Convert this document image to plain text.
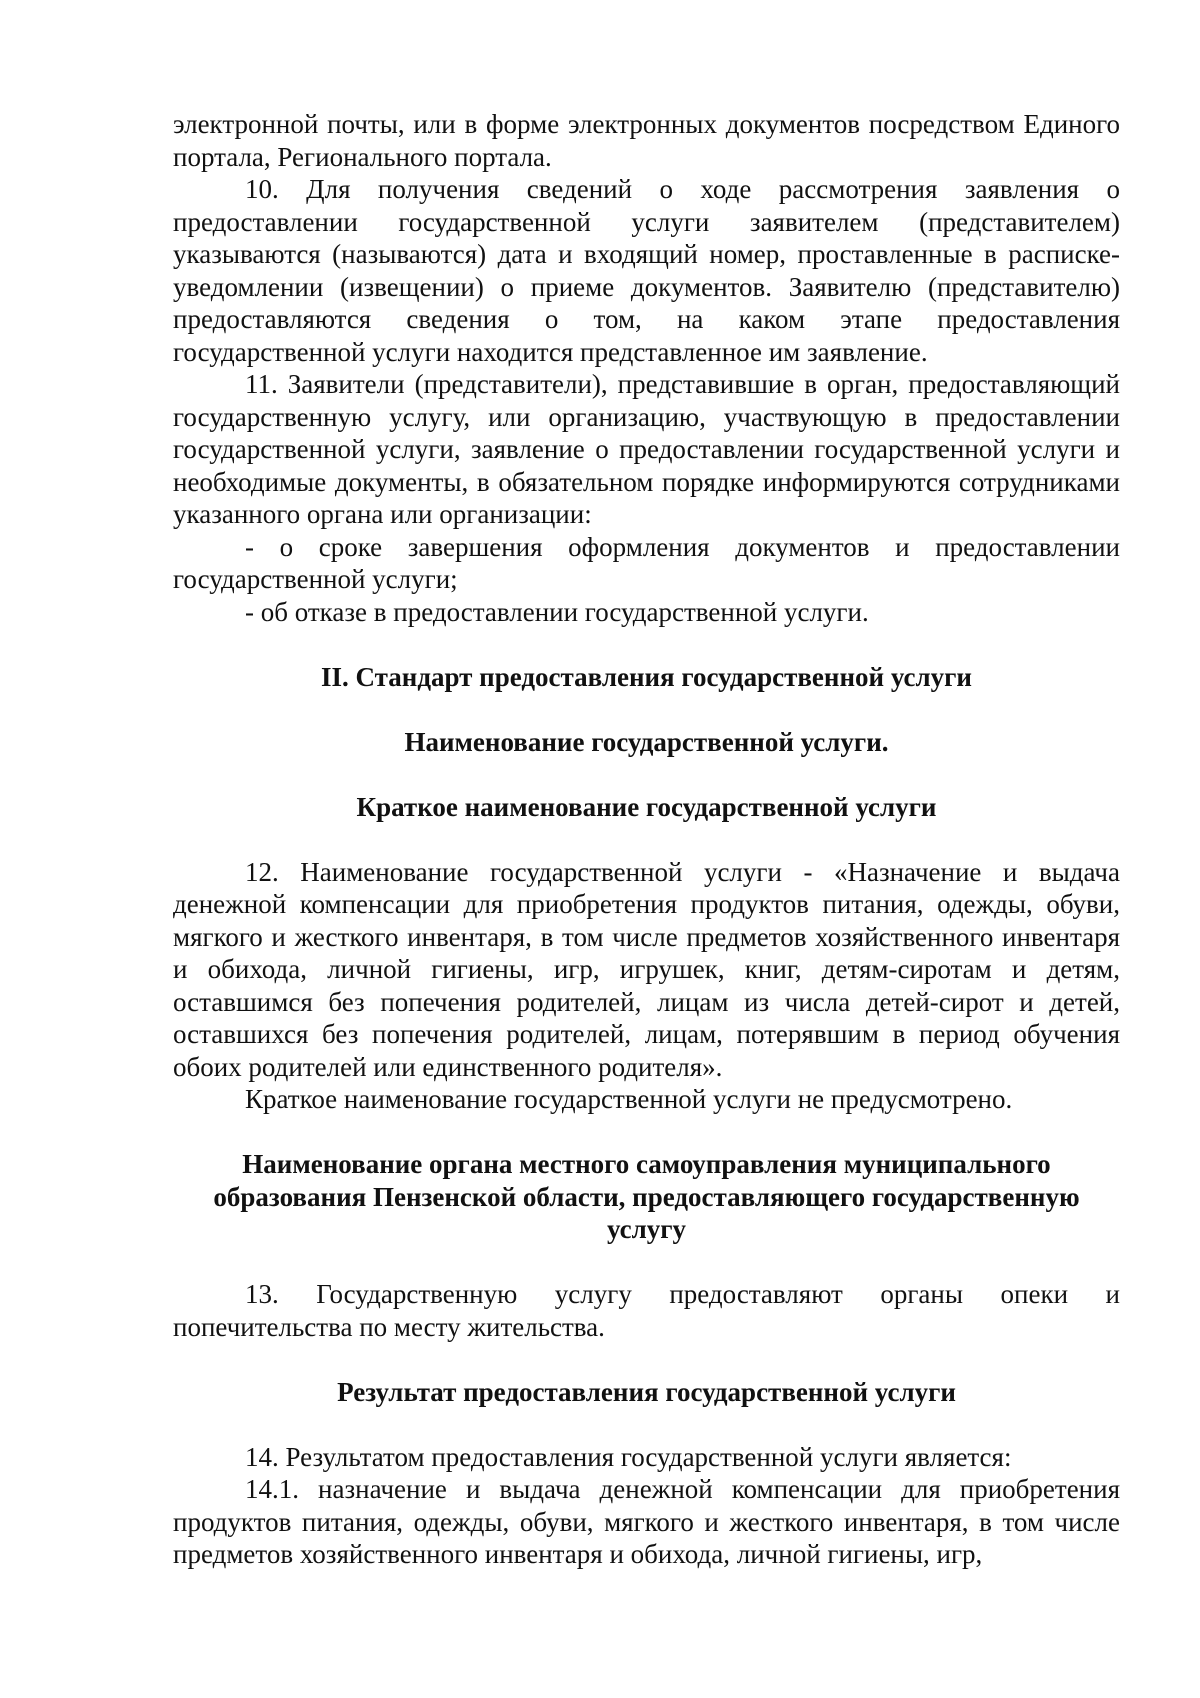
электронной почты, или в форме электронных документов посредством Единого портала, Регионального портала.

10. Для получения сведений о ходе рассмотрения заявления о предоставлении государственной услуги заявителем (представителем) указываются (называются) дата и входящий номер, проставленные в расписке-уведомлении (извещении) о приеме документов. Заявителю (представителю) предоставляются сведения о том, на каком этапе предоставления государственной услуги находится представленное им заявление.

11. Заявители (представители), представившие в орган, предоставляющий государственную услугу, или организацию, участвующую в предоставлении государственной услуги, заявление о предоставлении государственной услуги и необходимые документы, в обязательном порядке информируются сотрудниками указанного органа или организации:

- о сроке завершения оформления документов и предоставлении государственной услуги;

- об отказе в предоставлении государственной услуги.

II. Стандарт предоставления государственной услуги

Наименование государственной услуги.

Краткое наименование государственной услуги

12. Наименование государственной услуги - «Назначение и выдача денежной компенсации для приобретения продуктов питания, одежды, обуви, мягкого и жесткого инвентаря, в том числе предметов хозяйственного инвентаря и обихода, личной гигиены, игр, игрушек, книг, детям-сиротам и детям, оставшимся без попечения родителей, лицам из числа детей-сирот и детей, оставшихся без попечения родителей, лицам, потерявшим в период обучения обоих родителей или единственного родителя».

Краткое наименование государственной услуги не предусмотрено.

Наименование органа местного самоуправления муниципального образования Пензенской области, предоставляющего государственную услугу

13. Государственную услугу предоставляют органы опеки и попечительства по месту жительства.

Результат предоставления государственной услуги

14. Результатом предоставления государственной услуги является:

14.1. назначение и выдача денежной компенсации для приобретения продуктов питания, одежды, обуви, мягкого и жесткого инвентаря, в том числе предметов хозяйственного инвентаря и обихода, личной гигиены, игр,
